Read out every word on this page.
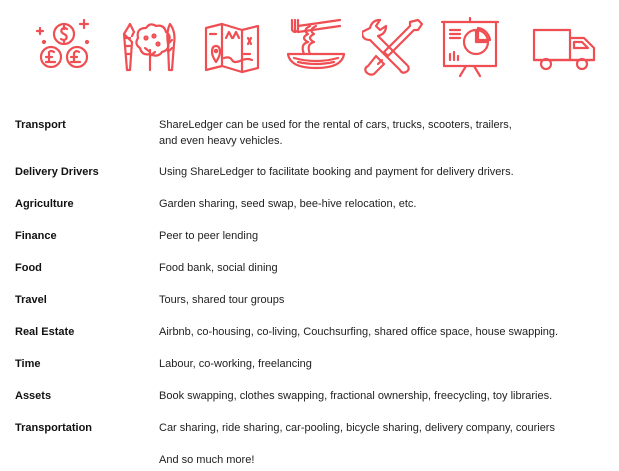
Transport	ShareLedger can be used for the rental of cars, trucks, scooters, trailers,
and even heavy vehicles.
Delivery Drivers	Using ShareLedger to facilitate booking and payment for delivery drivers.
Agriculture	Garden sharing, seed swap, bee-hive relocation, etc.
Finance	Peer to peer lending
Food	Food bank, social dining
Travel	Tours, shared tour groups
Real Estate	Airbnb, co-housing, co-living, Couchsurfing, shared office space, house swapping.
Time	Labour, co-working, freelancing
Assets	Book swapping, clothes swapping, fractional ownership, freecycling, toy libraries.
Transportation	Car sharing, ride sharing, car-pooling, bicycle sharing, delivery company, couriers
And so much more!
